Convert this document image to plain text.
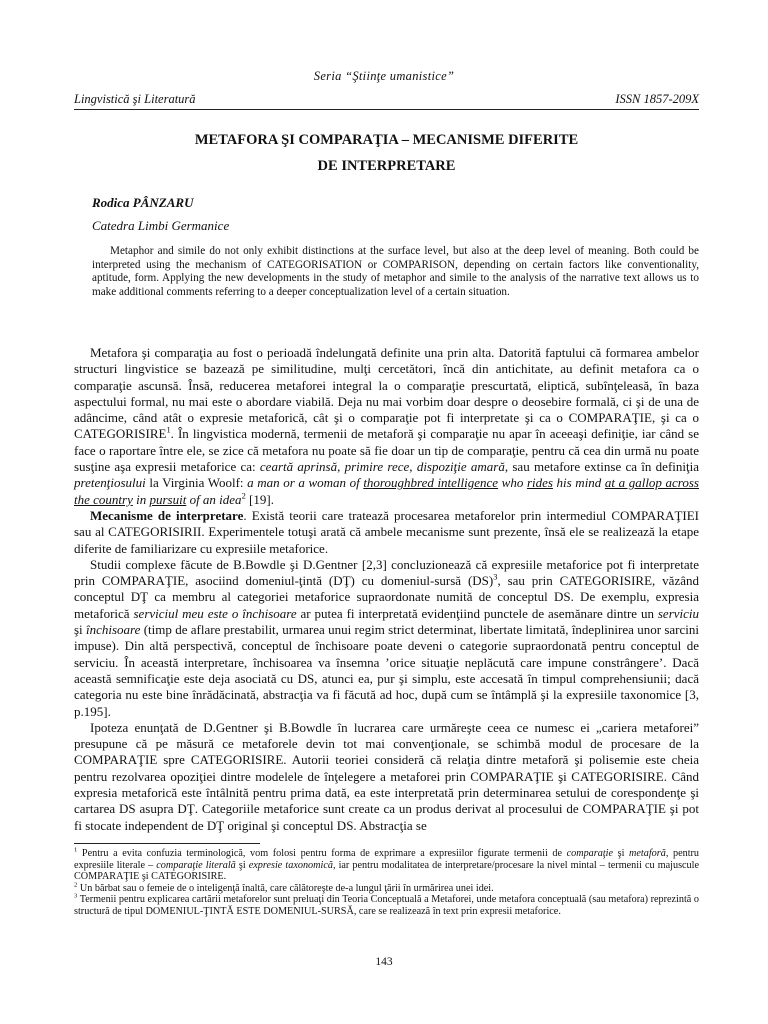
Seria “Ştiinţe umanistice”
Lingvistică şi Literatură	ISSN 1857-209X
METAFORA ŞI COMPARAŢIA – MECANISME DIFERITE
DE INTERPRETARE
Rodica PÂNZARU
Catedra Limbi Germanice

Metaphor and simile do not only exhibit distinctions at the surface level, but also at the deep level of meaning. Both could be interpreted using the mechanism of CATEGORISATION or COMPARISON, depending on certain factors like conventionality, aptitude, form. Applying the new developments in the study of metaphor and simile to the analysis of the narrative text allows us to make additional comments referring to a deeper conceptualization level of a certain situation.

Metafora şi comparaţia au fost o perioadă îndelungată definite una prin alta. Datorită faptului că formarea ambelor structuri lingvistice se bazează pe similitudine, mulţi cercetători, încă din antichitate, au definit metafora ca o comparaţie ascunsă. Însă, reducerea metaforei integral la o comparaţie prescurtată, eliptică, subînţeleasă, în baza aspectului formal, nu mai este o abordare viabilă. Deja nu mai vorbim doar despre o deosebire formală, ci şi de una de adâncime, când atât o expresie metaforică, cât şi o comparaţie pot fi interpretate şi ca o COMPARAŢIE, şi ca o CATEGORISIRE$^1$. În lingvistica modernă, termenii de metaforă şi comparaţie nu apar în aceeaşi definiţie, iar când se face o raportare între ele, se zice că metafora nu poate să fie doar un tip de comparaţie, pentru că cea din urmă nu poate susţine aşa expresii metaforice ca: ceartă aprinsă, primire rece, dispoziţie amară, sau metafore extinse ca în definiţia pretenţiosului la Virginia Woolf: a man or a woman of thoroughbred intelligence who rides his mind at a gallop across the country in pursuit of an idea$^2$ [19].

Mecanisme de interpretare. Există teorii care tratează procesarea metaforelor prin intermediul COMPARAŢIEI sau al CATEGORISIRII. Experimentele totuşi arată că ambele mecanisme sunt prezente, însă ele se realizează la etape diferite de familiarizare cu expresiile metaforice.

Studii complexe făcute de B.Bowdle şi D.Gentner [2,3] concluzionează că expresiile metaforice pot fi interpretate prin COMPARAŢIE, asociind domeniul-ţintă (DŢ) cu domeniul-sursă (DS)$^3$, sau prin CATEGORISIRE, văzând conceptul DŢ ca membru al categoriei metaforice supraordonate numită de conceptul DS. De exemplu, expresia metaforică serviciul meu este o închisoare ar putea fi interpretată evidenţiind punctele de asemănare dintre un serviciu şi închisoare (timp de aflare prestabilit, urmarea unui regim strict determinat, libertate limitată, îndeplinirea unor sarcini impuse). Din altă perspectivă, conceptul de închisoare poate deveni o categorie supraordonată pentru conceptul de serviciu. În această interpretare, închisoarea va însemna ’orice situaţie neplăcută care impune constrângere’. Dacă această semnificaţie este deja asociată cu DS, atunci ea, pur şi simplu, este accesată în timpul comprehensiunii; dacă categoria nu este bine înrădăcinată, abstracţia va fi făcută ad hoc, după cum se întâmplă şi la expresiile taxonomice [3, p.195].

Ipoteza enunţată de D.Gentner şi B.Bowdle în lucrarea care urmăreşte ceea ce numesc ei „cariera metaforei” presupune că pe măsură ce metaforele devin tot mai convenţionale, se schimbă modul de procesare de la COMPARAŢIE spre CATEGORISIRE. Autorii teoriei consideră că relaţia dintre metaforă şi polisemie este cheia pentru rezolvarea opoziţiei dintre modelele de înţelegere a metaforei prin COMPARAŢIE şi CATEGORISIRE. Când expresia metaforică este întâlnită pentru prima dată, ea este interpretată prin determinarea setului de corespondenţe şi cartarea DS asupra DŢ. Categoriile metaforice sunt create ca un produs derivat al procesului de COMPARAŢIE şi pot fi stocate independent de DŢ original şi conceptul DS. Abstracţia se

$^1$ Pentru a evita confuzia terminologică, vom folosi pentru forma de exprimare a expresiilor figurate termenii de comparaţie şi metaforă, pentru expresiile literale – comparaţie literală şi expresie taxonomică, iar pentru modalitatea de interpretare/procesare la nivel mintal – termenii cu majuscule COMPARAŢIE şi CATEGORISIRE.

$^2$ Un bărbat sau o femeie de o inteligenţă înaltă, care călătoreşte de-a lungul ţării în urmărirea unei idei.

$^3$ Termenii pentru explicarea cartării metaforelor sunt preluaţi din Teoria Conceptuală a Metaforei, unde metafora conceptuală (sau metafora) reprezintă o structură de tipul DOMENIUL-ŢINTĂ ESTE DOMENIUL-SURSĂ, care se realizează în text prin expresii metaforice.

143
